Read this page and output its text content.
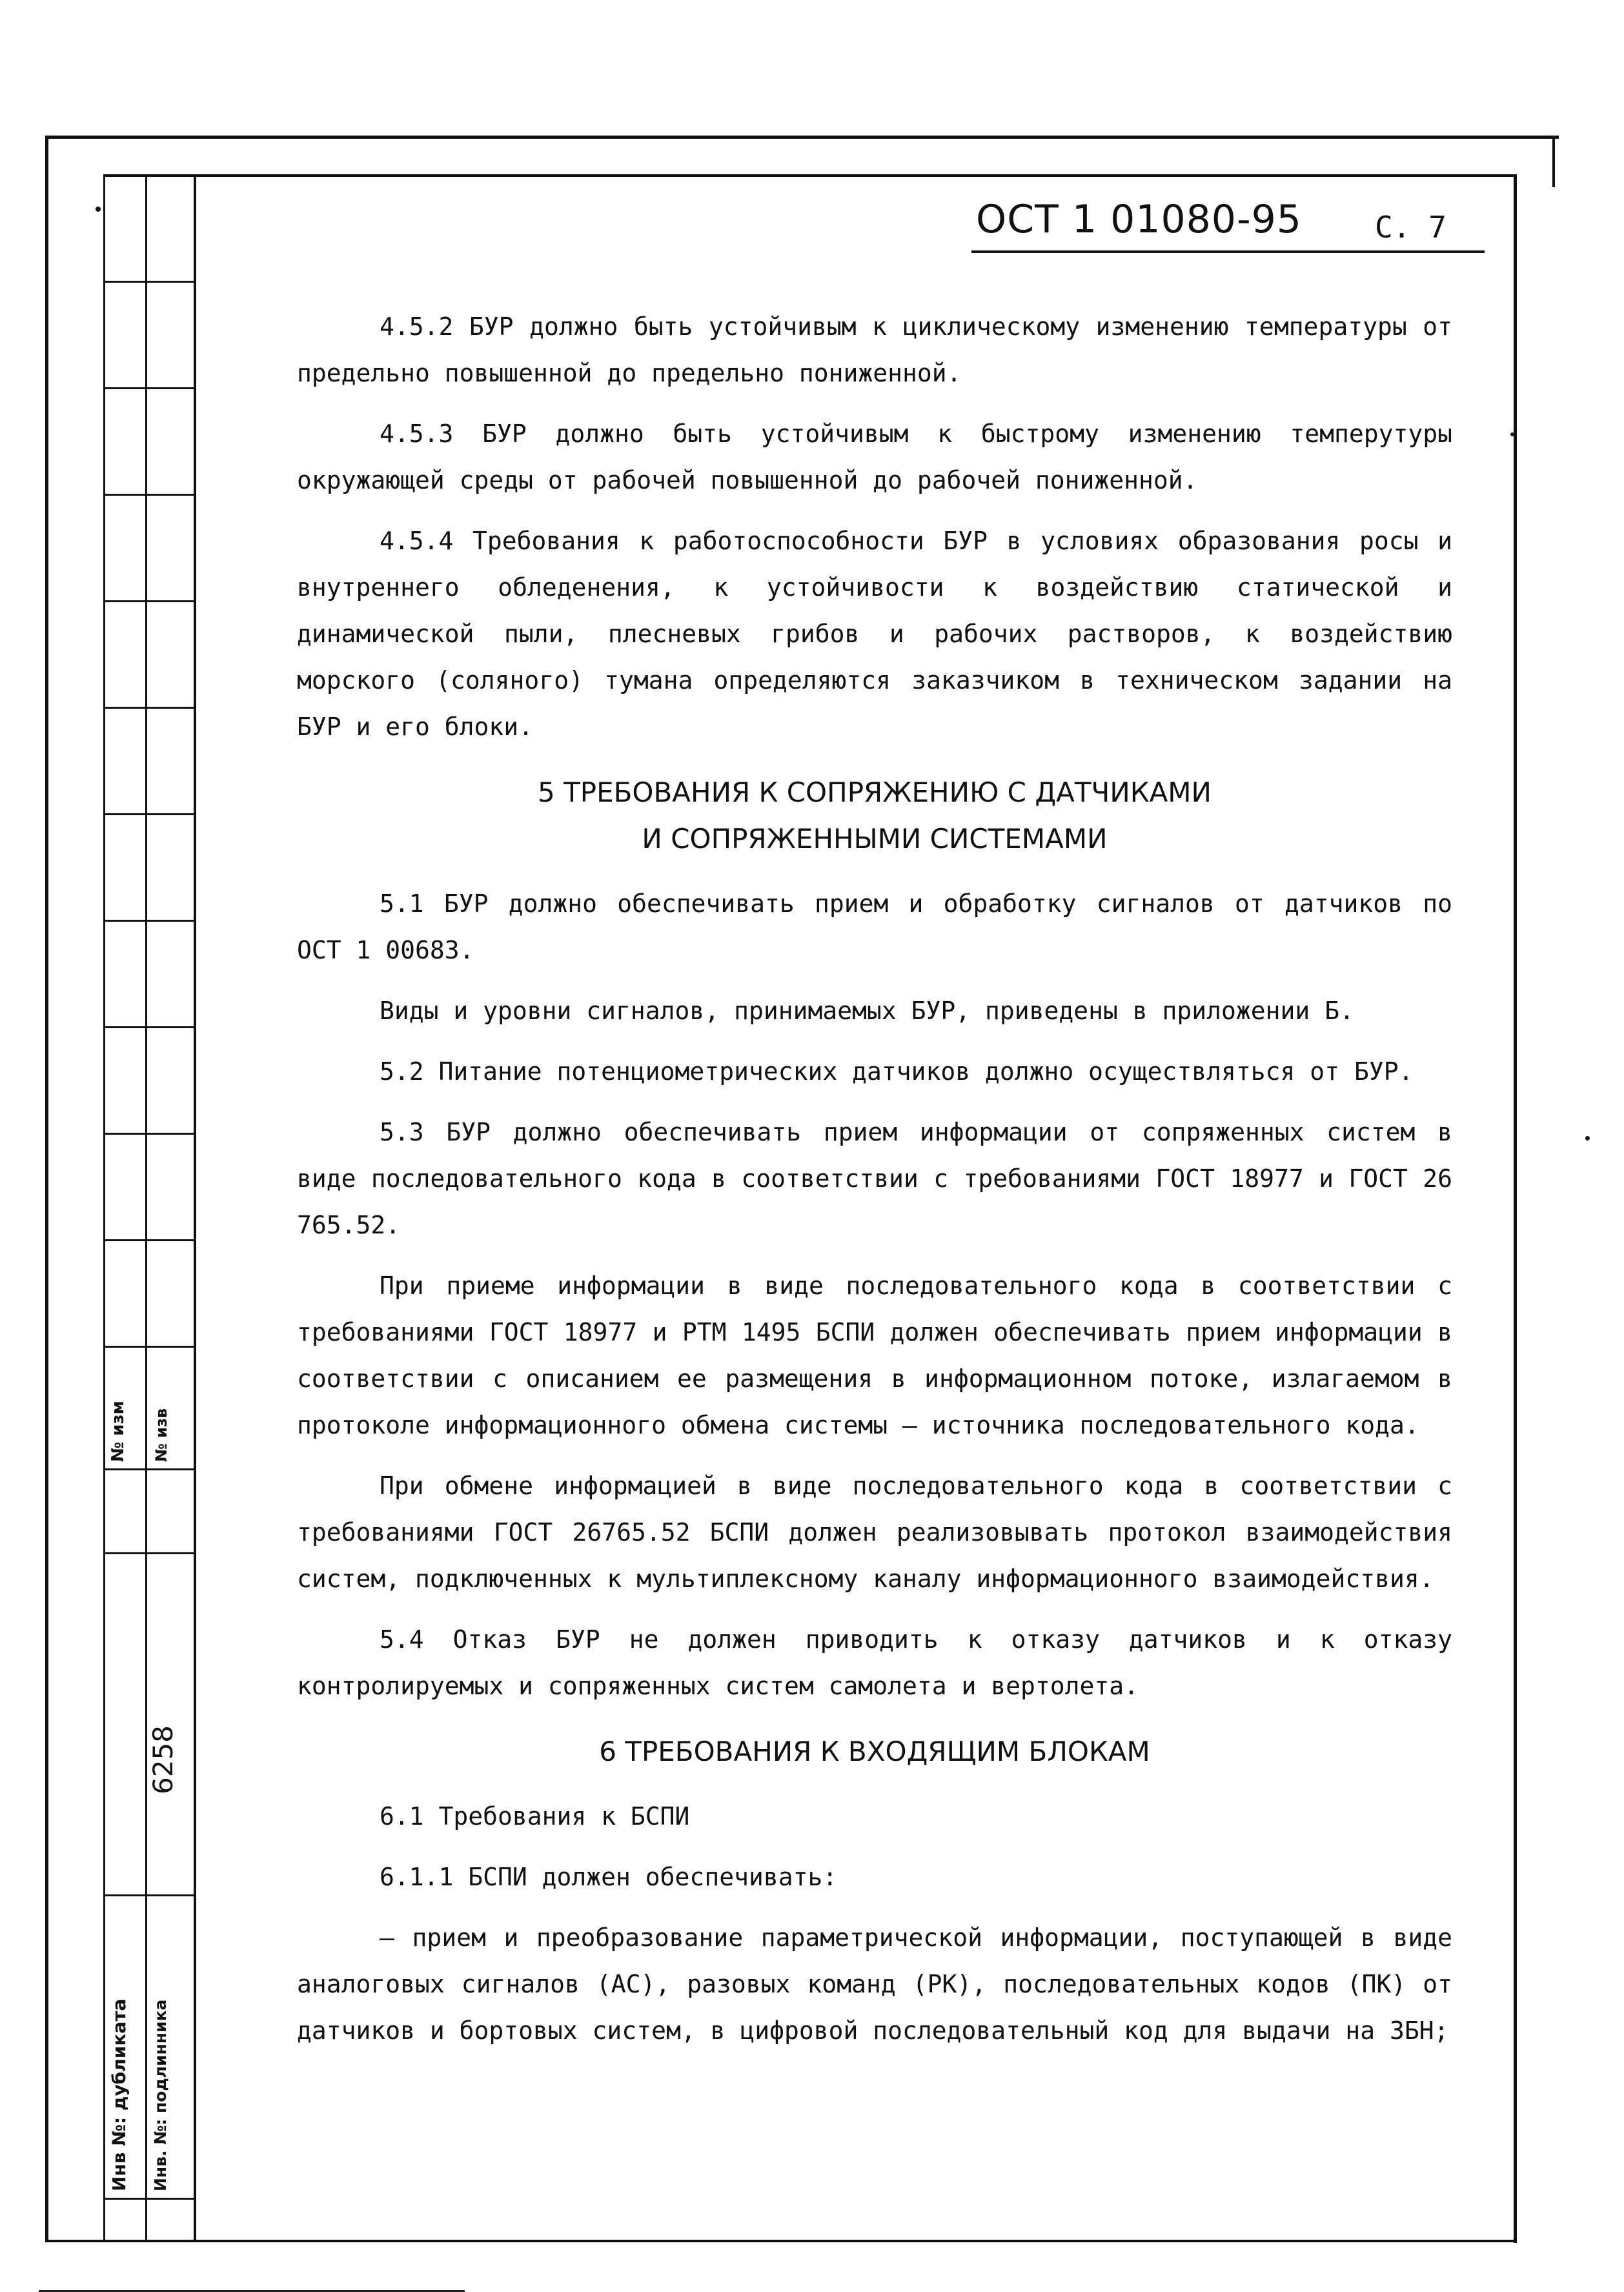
№ изм № изв
6258
Инв №: дубликата Инв. №: подлинника
ОСТ 1 01080-95 С. 7

4.5.2 БУР должно быть устойчивым к циклическому изменению температуры от предельно повышенной до предельно пониженной.

4.5.3 БУР должно быть устойчивым к быстрому изменению темперутуры окружающей среды от рабочей повышенной до рабочей пониженной.

4.5.4 Требования к работоспособности БУР в условиях образования росы и внутреннего обледенения, к устойчивости к воздействию статической и динамической пыли, плесневых грибов и рабочих растворов, к воздействию морского (соляного) тумана определяются заказчиком в техническом задании на БУР и его блоки.

5 ТРЕБОВАНИЯ К СОПРЯЖЕНИЮ С ДАТЧИКАМИ
И СОПРЯЖЕННЫМИ СИСТЕМАМИ

5.1 БУР должно обеспечивать прием и обработку сигналов от датчиков по ОСТ 1 00683.

Виды и уровни сигналов, принимаемых БУР, приведены в приложении Б.

5.2 Питание потенциометрических датчиков должно осуществляться от БУР.

5.3 БУР должно обеспечивать прием информации от сопряженных систем в виде последовательного кода в соответствии с требованиями ГОСТ 18977 и ГОСТ 26 765.52.

При приеме информации в виде последовательного кода в соответствии с требованиями ГОСТ 18977 и РТМ 1495 БСПИ должен обеспечивать прием информации в соответствии с описанием ее размещения в информационном потоке, излагаемом в протоколе информационного обмена системы – источника последовательного кода.

При обмене информацией в виде последовательного кода в соответствии с требованиями ГОСТ 26765.52 БСПИ должен реализовывать протокол взаимодействия систем, подключенных к мультиплексному каналу информационного взаимодействия.

5.4 Отказ БУР не должен приводить к отказу датчиков и к отказу контролируемых и сопряженных систем самолета и вертолета.

6 ТРЕБОВАНИЯ К ВХОДЯЩИМ БЛОКАМ

6.1 Требования к БСПИ

6.1.1 БСПИ должен обеспечивать:

– прием и преобразование параметрической информации, поступающей в виде аналоговых сигналов (АС), разовых команд (РК), последовательных кодов (ПК) от датчиков и бортовых систем, в цифровой последовательный код для выдачи на ЗБН;
